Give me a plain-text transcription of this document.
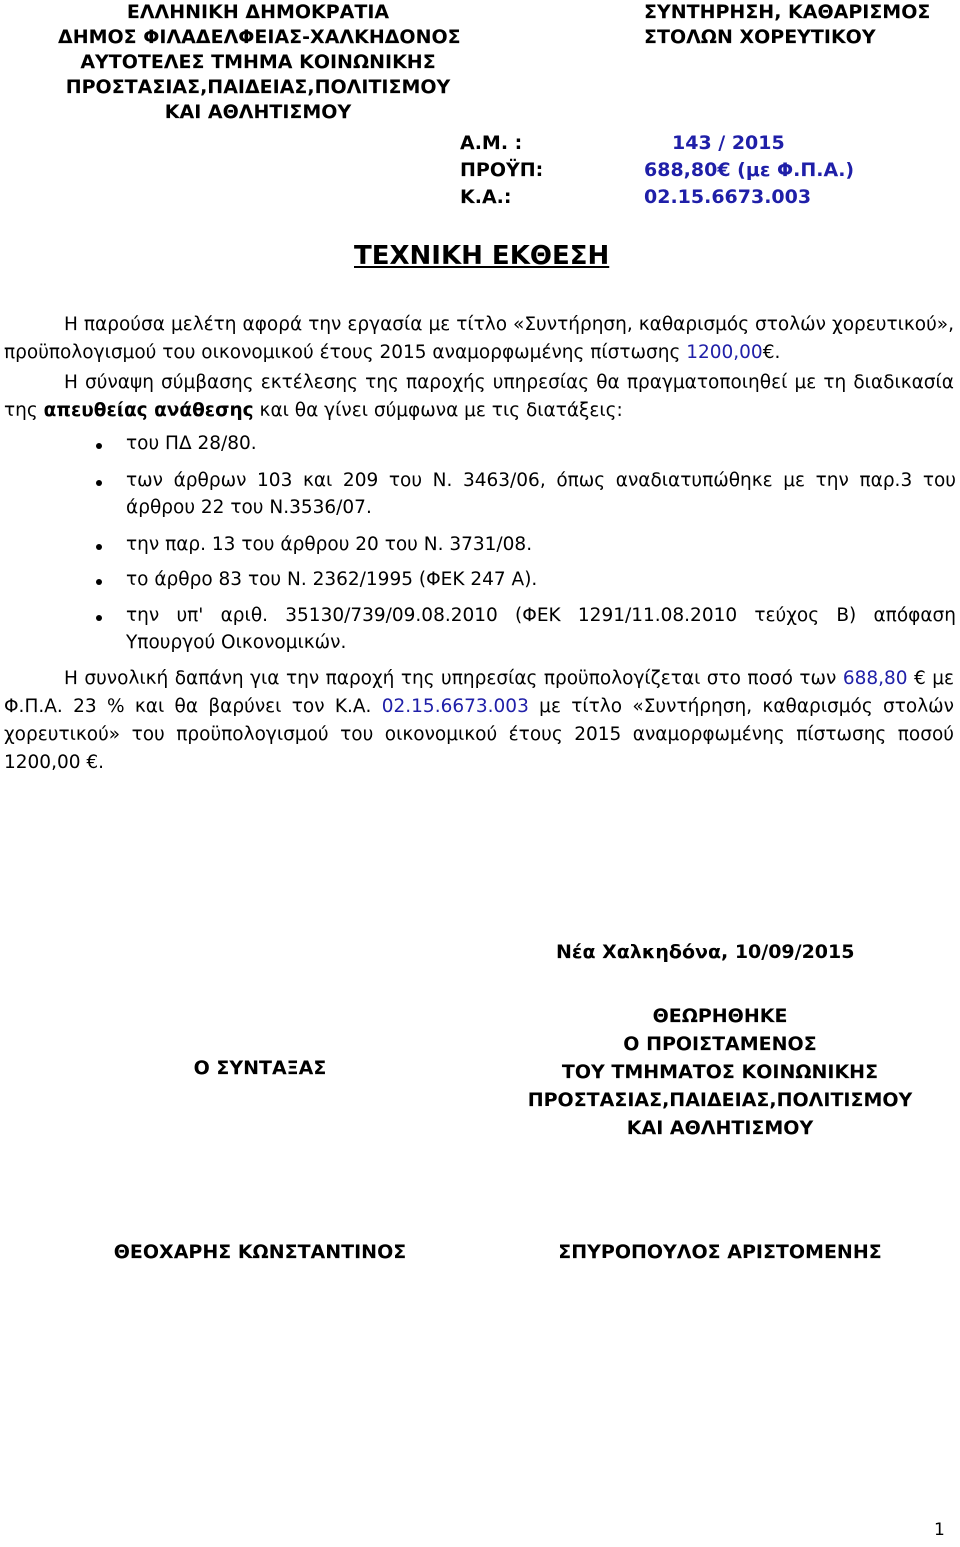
ΕΛΛΗΝΙΚΗ ΔΗΜΟΚΡΑΤΙΑ
ΔΗΜΟΣ ΦΙΛΑΔΕΛΦΕΙΑΣ-ΧΑΛΚΗΔΟΝΟΣ
ΑΥΤΟΤΕΛΕΣ ΤΜΗΜΑ ΚΟΙΝΩΝΙΚΗΣ
ΠΡΟΣΤΑΣΙΑΣ,ΠΑΙΔΕΙΑΣ,ΠΟΛΙΤΙΣΜΟΥ
ΚΑΙ ΑΘΛΗΤΙΣΜΟΥ
ΣΥΝΤΗΡΗΣΗ, ΚΑΘΑΡΙΣΜΟΣ
ΣΤΟΛΩΝ ΧΟΡΕΥΤΙΚΟΥ
Α.Μ. :	143 / 2015
ΠΡΟΫΠ:	688,80€ (με Φ.Π.Α.)
Κ.Α.:	02.15.6673.003
ΤΕΧΝΙΚΗ ΕΚΘΕΣΗ
Η παρούσα μελέτη αφορά την εργασία με τίτλο «Συντήρηση, καθαρισμός στολών χορευτικού», προϋπολογισμού του οικονομικού έτους 2015 αναμορφωμένης πίστωσης 1200,00€.
Η σύναψη σύμβασης εκτέλεσης της παροχής υπηρεσίας θα πραγματοποιηθεί με τη διαδικασία της απευθείας ανάθεσης και θα γίνει σύμφωνα με τις διατάξεις:
του ΠΔ 28/80.
των άρθρων 103 και 209 του Ν. 3463/06, όπως αναδιατυπώθηκε με την παρ.3 του άρθρου 22 του Ν.3536/07.
την παρ. 13 του άρθρου 20 του Ν. 3731/08.
το άρθρο 83 του Ν. 2362/1995 (ΦΕΚ 247 Α).
την υπ' αριθ. 35130/739/09.08.2010 (ΦΕΚ 1291/11.08.2010 τεύχος Β) απόφαση Υπουργού Οικονομικών.
Η συνολική δαπάνη για την παροχή της υπηρεσίας προϋπολογίζεται στο ποσό των 688,80 € με Φ.Π.Α. 23 % και θα βαρύνει τον Κ.Α. 02.15.6673.003 με τίτλο «Συντήρηση, καθαρισμός στολών χορευτικού» του προϋπολογισμού του οικονομικού έτους 2015 αναμορφωμένης πίστωσης ποσού 1200,00 €.
Νέα Χαλκηδόνα, 10/09/2015
Ο ΣΥΝΤΑΞΑΣ
ΘΕΩΡΗΘΗΚΕ
Ο ΠΡΟΙΣΤΑΜΕΝΟΣ
ΤΟΥ ΤΜΗΜΑΤΟΣ ΚΟΙΝΩΝΙΚΗΣ
ΠΡΟΣΤΑΣΙΑΣ,ΠΑΙΔΕΙΑΣ,ΠΟΛΙΤΙΣΜΟΥ
ΚΑΙ ΑΘΛΗΤΙΣΜΟΥ
ΘΕΟΧΑΡΗΣ ΚΩΝΣΤΑΝΤΙΝΟΣ	ΣΠΥΡΟΠΟΥΛΟΣ ΑΡΙΣΤΟΜΕΝΗΣ
1
